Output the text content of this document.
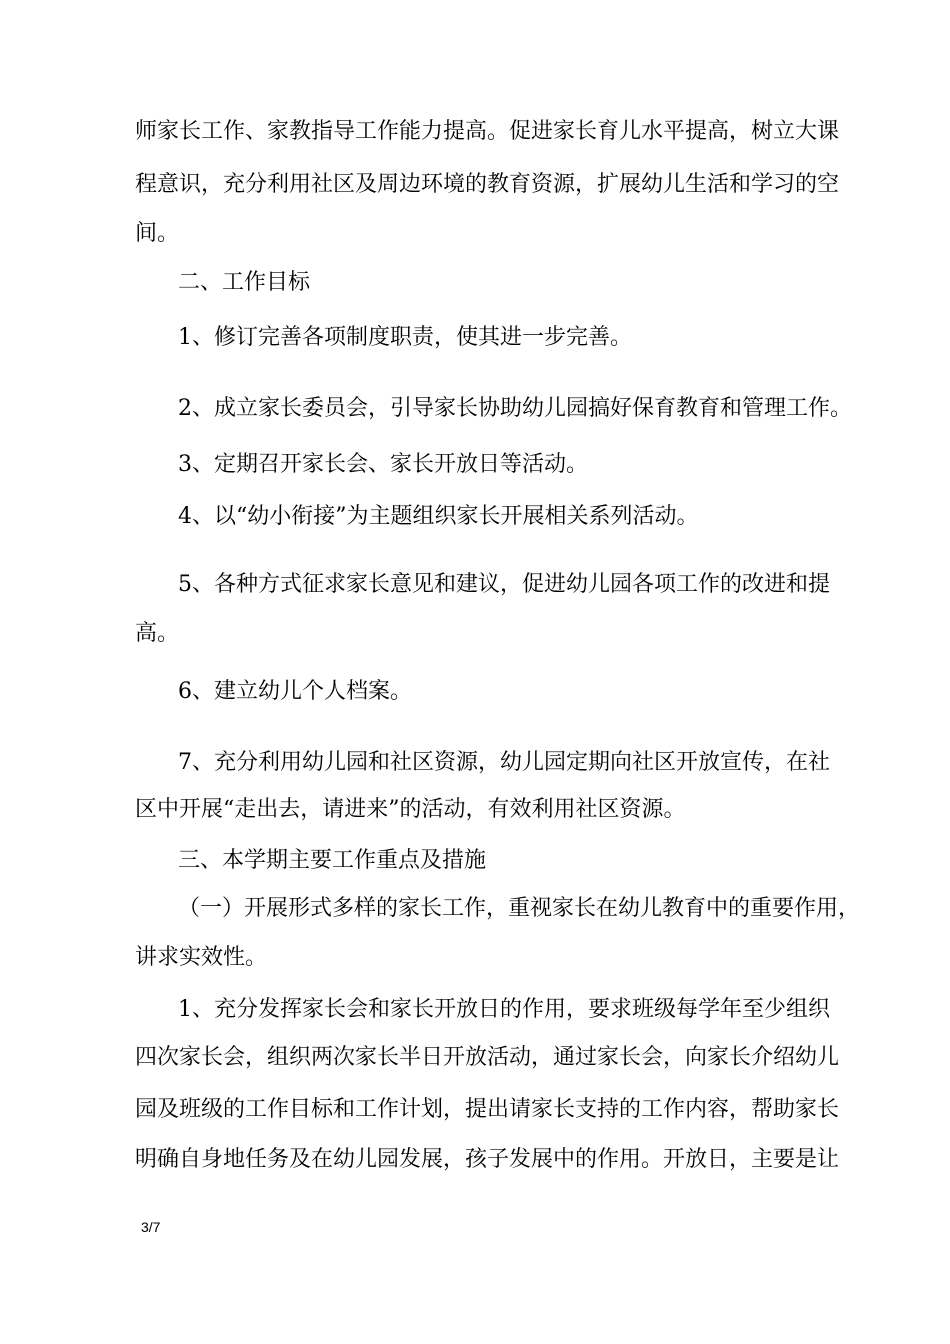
师家长工作、家教指导工作能力提高。促进家长育儿水平提高，树立大课
程意识，充分利用社区及周边环境的教育资源，扩展幼儿生活和学习的空
间。
二、工作目标
1、修订完善各项制度职责，使其进一步完善。
2、成立家长委员会，引导家长协助幼儿园搞好保育教育和管理工作。
3、定期召开家长会、家长开放日等活动。
4、以“幼小衔接”为主题组织家长开展相关系列活动。
5、各种方式征求家长意见和建议，促进幼儿园各项工作的改进和提
高。
6、建立幼儿个人档案。
7、充分利用幼儿园和社区资源，幼儿园定期向社区开放宣传，在社
区中开展“走出去，请进来”的活动，有效利用社区资源。
三、本学期主要工作重点及措施
（一）开展形式多样的家长工作，重视家长在幼儿教育中的重要作用，
讲求实效性。
1、充分发挥家长会和家长开放日的作用，要求班级每学年至少组织
四次家长会，组织两次家长半日开放活动，通过家长会，向家长介绍幼儿
园及班级的工作目标和工作计划，提出请家长支持的工作内容，帮助家长
明确自身地任务及在幼儿园发展，孩子发展中的作用。开放日，主要是让
3/7
